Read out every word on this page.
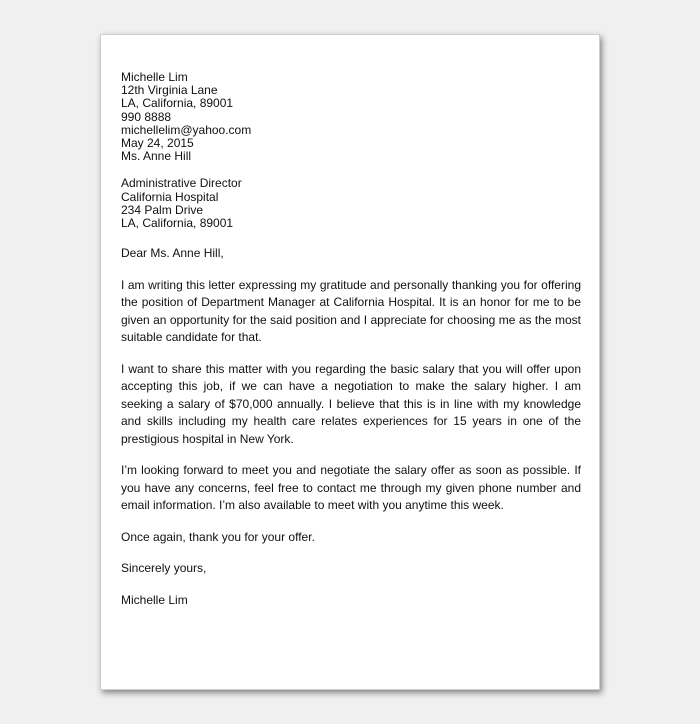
Michelle Lim
12th Virginia Lane
LA, California, 89001
990 8888
michellelim@yahoo.com
May 24, 2015
Ms. Anne Hill
Administrative Director
California Hospital
234 Palm Drive
LA, California, 89001

Dear Ms. Anne Hill,

I am writing this letter expressing my gratitude and personally thanking you for offering the position of Department Manager at California Hospital. It is an honor for me to be given an opportunity for the said position and I appreciate for choosing me as the most suitable candidate for that.

I want to share this matter with you regarding the basic salary that you will offer upon accepting this job, if we can have a negotiation to make the salary higher. I am seeking a salary of $70,000 annually. I believe that this is in line with my knowledge and skills including my health care relates experiences for 15 years in one of the prestigious hospital in New York.

I’m looking forward to meet you and negotiate the salary offer as soon as possible. If you have any concerns, feel free to contact me through my given phone number and email information. I’m also available to meet with you anytime this week.

Once again, thank you for your offer.

Sincerely yours,

Michelle Lim
